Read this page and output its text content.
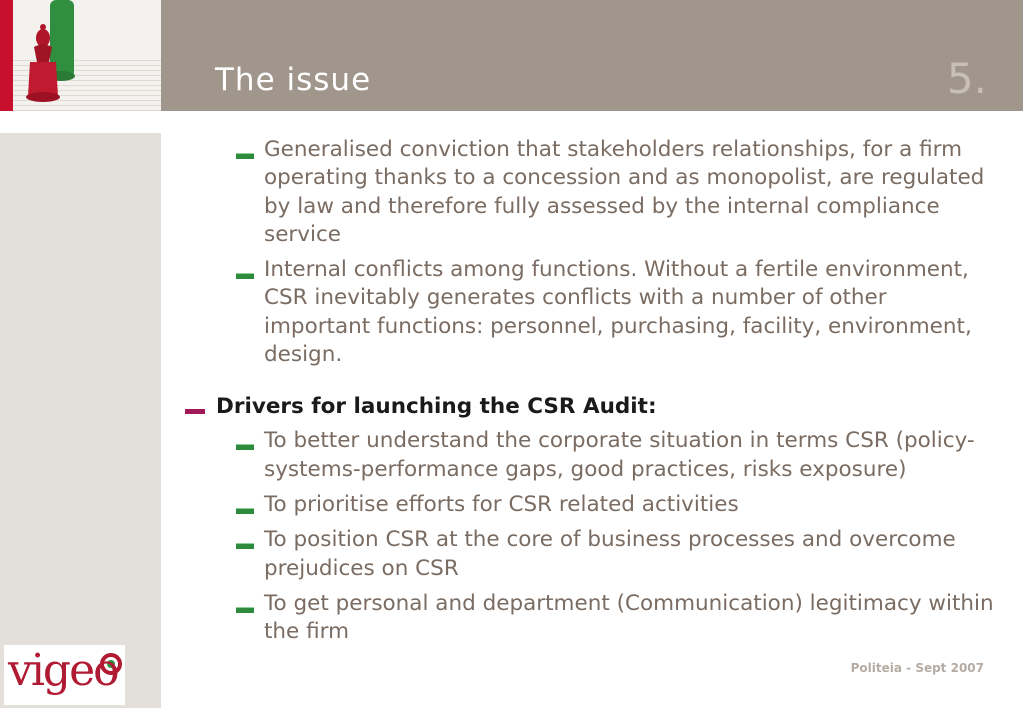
The issue	5.
Generalised conviction that stakeholders relationships, for a firm operating thanks to a concession and as monopolist, are regulated by law and therefore fully assessed by the internal compliance service
Internal conflicts among functions. Without a fertile environment, CSR inevitably generates conflicts with a number of other important functions: personnel, purchasing, facility, environment, design.
Drivers for launching the CSR Audit:
To better understand the corporate situation in terms CSR (policy-systems-performance gaps, good practices, risks exposure)
To prioritise efforts for CSR related activities
To position CSR at the core of business processes and overcome prejudices on CSR
To get personal and department (Communication) legitimacy within the firm
vigeo	Politeia - Sept 2007
